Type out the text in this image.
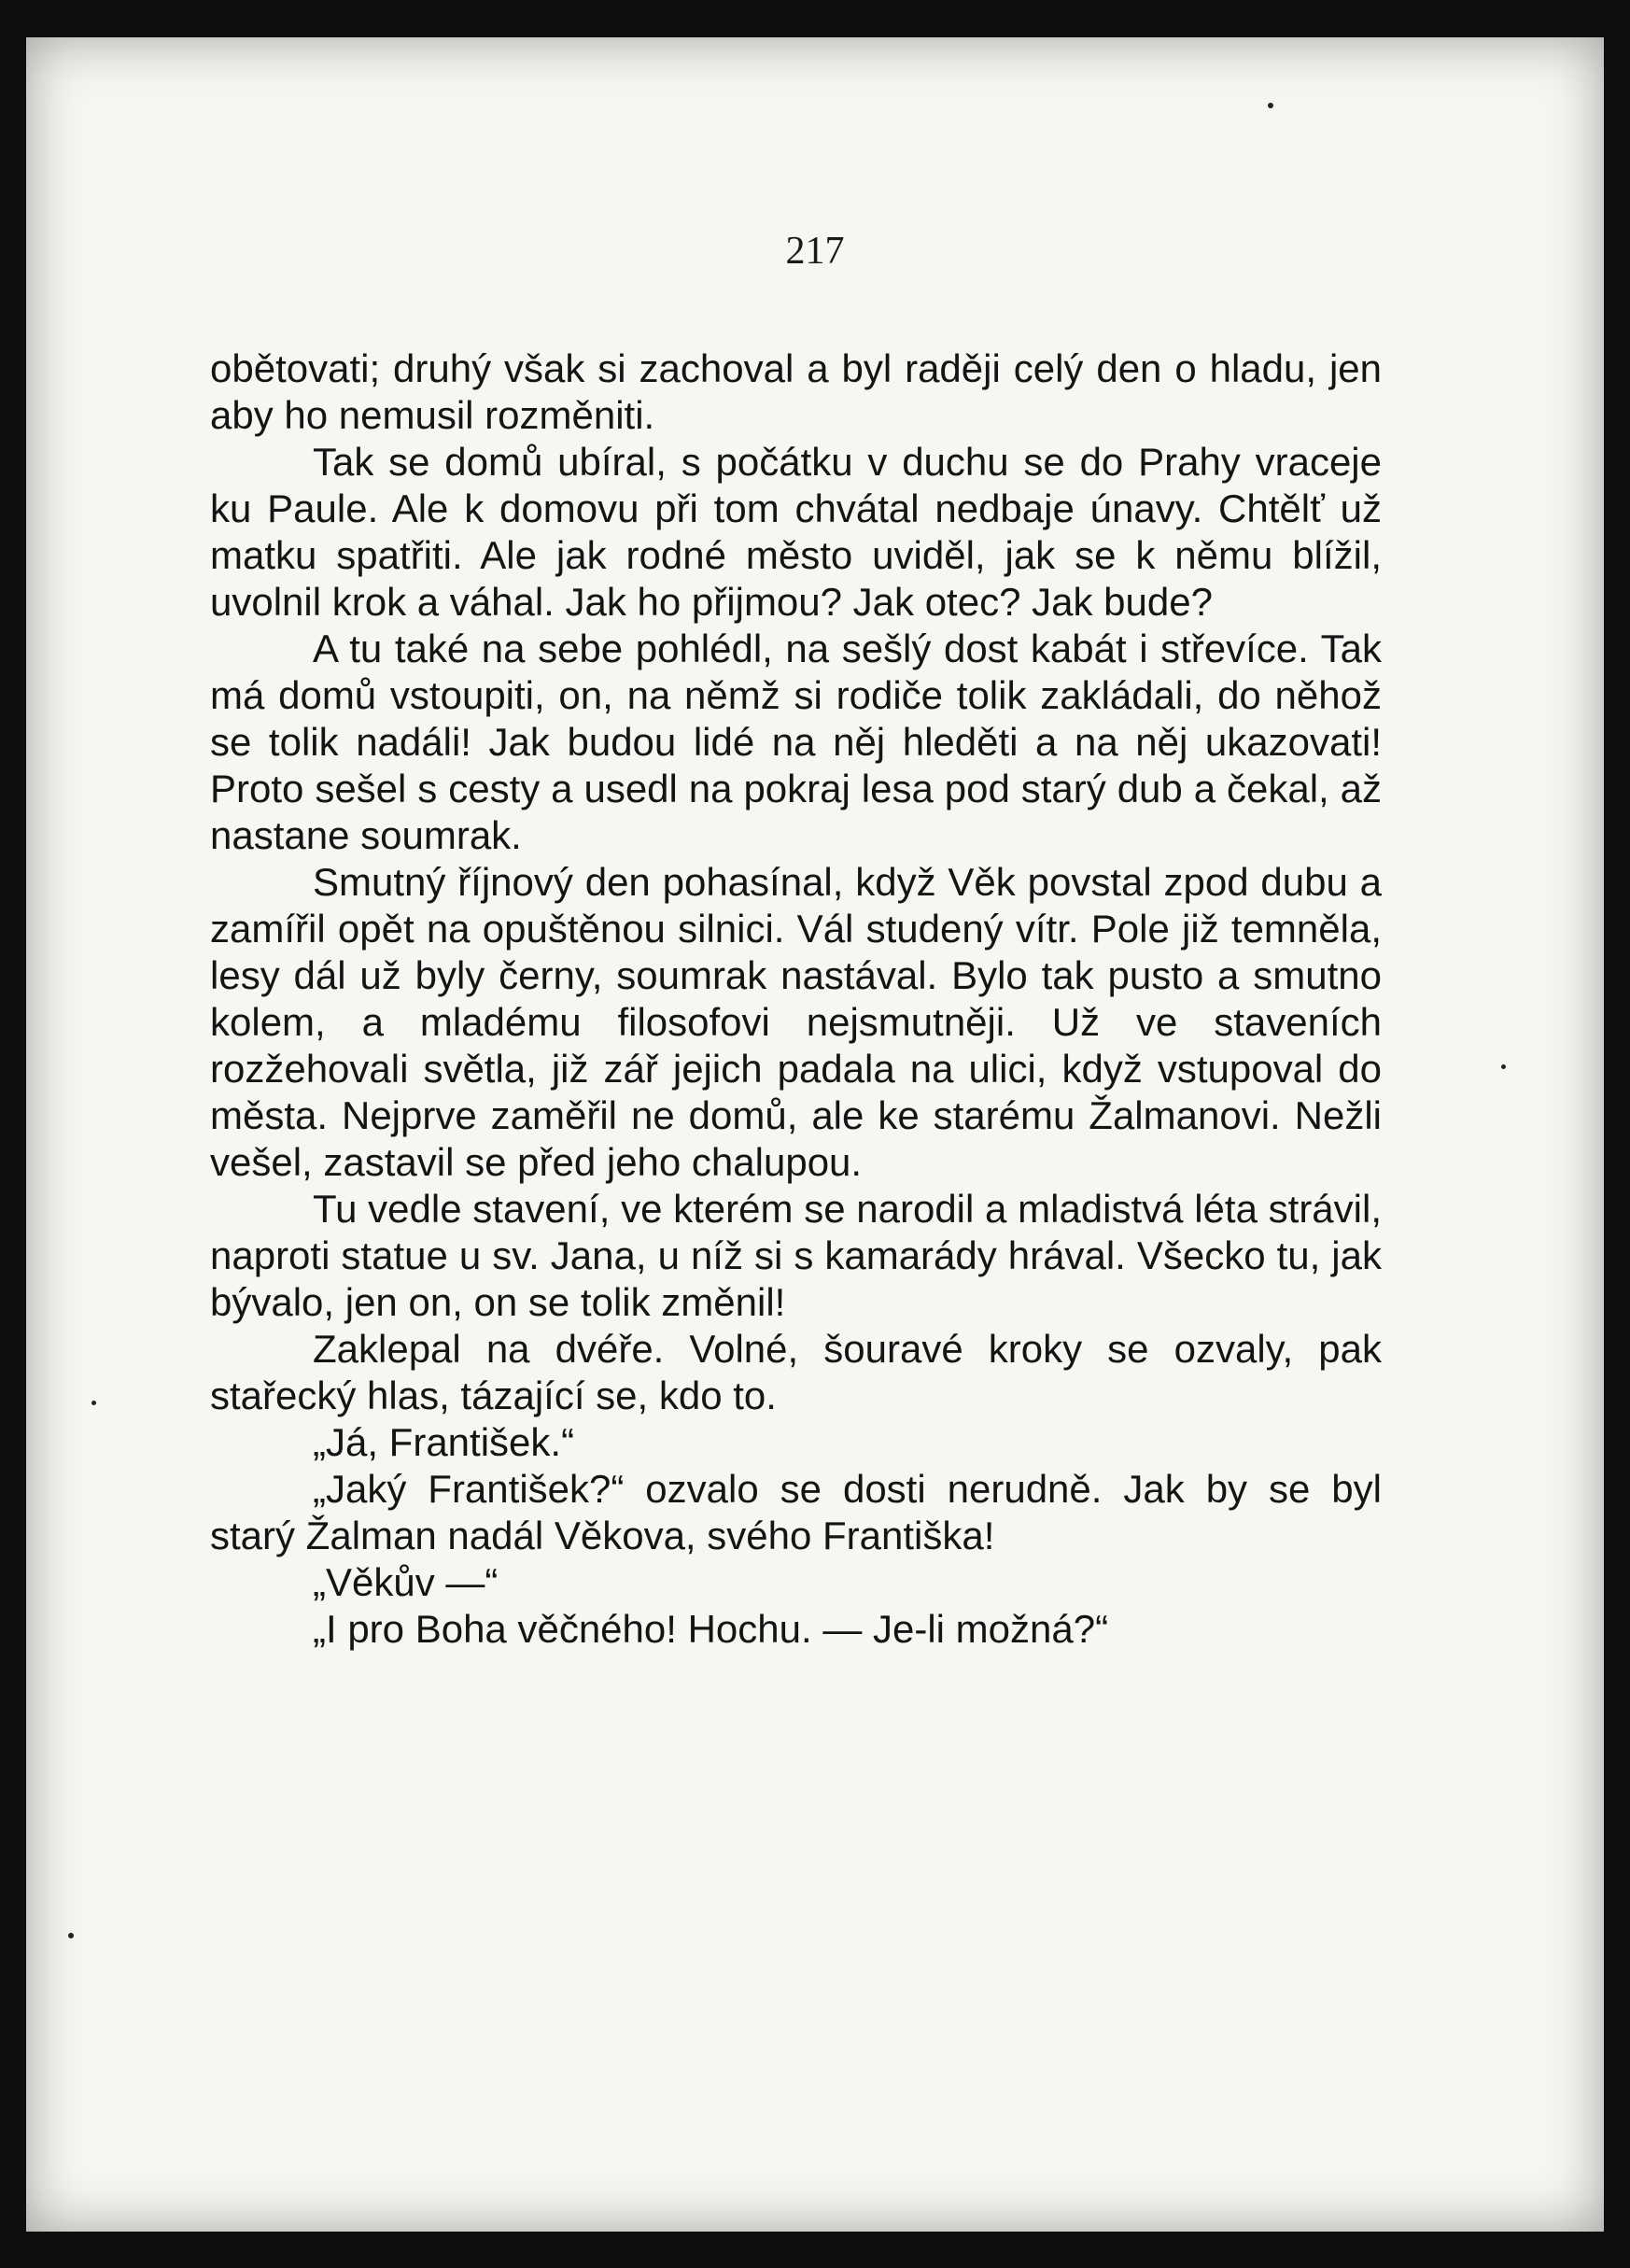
217

obětovati; druhý však si zachoval a byl raději celý den o hladu, jen aby ho nemusil rozměniti.

Tak se domů ubíral, s počátku v duchu se do Prahy vraceje ku Paule. Ale k domovu při tom chvátal nedbaje únavy. Chtělť už matku spatřiti. Ale jak rodné město uviděl, jak se k němu blížil, uvolnil krok a váhal. Jak ho přijmou? Jak otec? Jak bude?

A tu také na sebe pohlédl, na sešlý dost kabát i střevíce. Tak má domů vstoupiti, on, na němž si rodiče tolik zakládali, do něhož se tolik nadáli! Jak budou lidé na něj hleděti a na něj ukazovati! Proto sešel s cesty a usedl na pokraj lesa pod starý dub a čekal, až nastane soumrak.

Smutný říjnový den pohasínal, když Věk povstal zpod dubu a zamířil opět na opuštěnou silnici. Vál studený vítr. Pole již temněla, lesy dál už byly černy, soumrak nastával. Bylo tak pusto a smutno kolem, a mladému filosofovi nejsmutněji. Už ve staveních rozžehovali světla, již zář jejich padala na ulici, když vstupoval do města. Nejprve zaměřil ne domů, ale ke starému Žalmanovi. Nežli vešel, zastavil se před jeho chalupou.

Tu vedle stavení, ve kterém se narodil a mladistvá léta strávil, naproti statue u sv. Jana, u níž si s kamarády hrával. Všecko tu, jak bývalo, jen on, on se tolik změnil!

Zaklepal na dvéře. Volné, šouravé kroky se ozvaly, pak stařecký hlas, tázající se, kdo to.

„Já, František.“

„Jaký František?“ ozvalo se dosti nerudně. Jak by se byl starý Žalman nadál Věkova, svého Františka!

„Věkův —“

„I pro Boha věčného! Hochu. — Je-li možná?“
